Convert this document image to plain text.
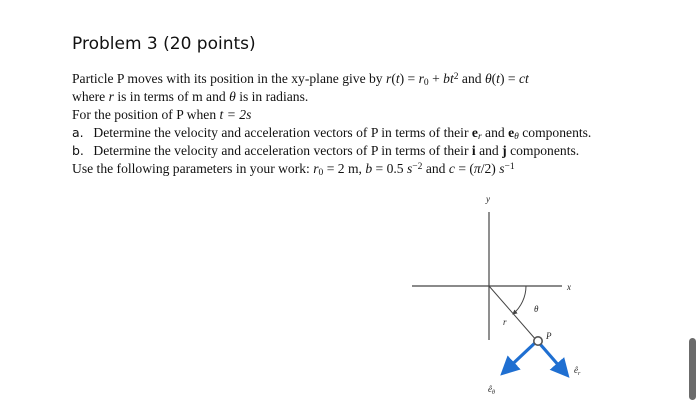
Problem 3 (20 points)
Particle P moves with its position in the xy-plane give by $r(t) = r_0 + bt^2$ and θ(t) = ct
where r is in terms of m and θ is in radians.
For the position of P when t = 2s
a. Determine the velocity and acceleration vectors of P in terms of their $e_r$ and $e_\theta$ components.
b. Determine the velocity and acceleration vectors of P in terms of their i and j components.
Use the following parameters in your work: $r_0 = 2$ m, b = 0.5 $s^{-2}$ and c = (π/2) $s^{-1}$
y
x
r
θ
P
$ê_r$
$ê_\theta$
